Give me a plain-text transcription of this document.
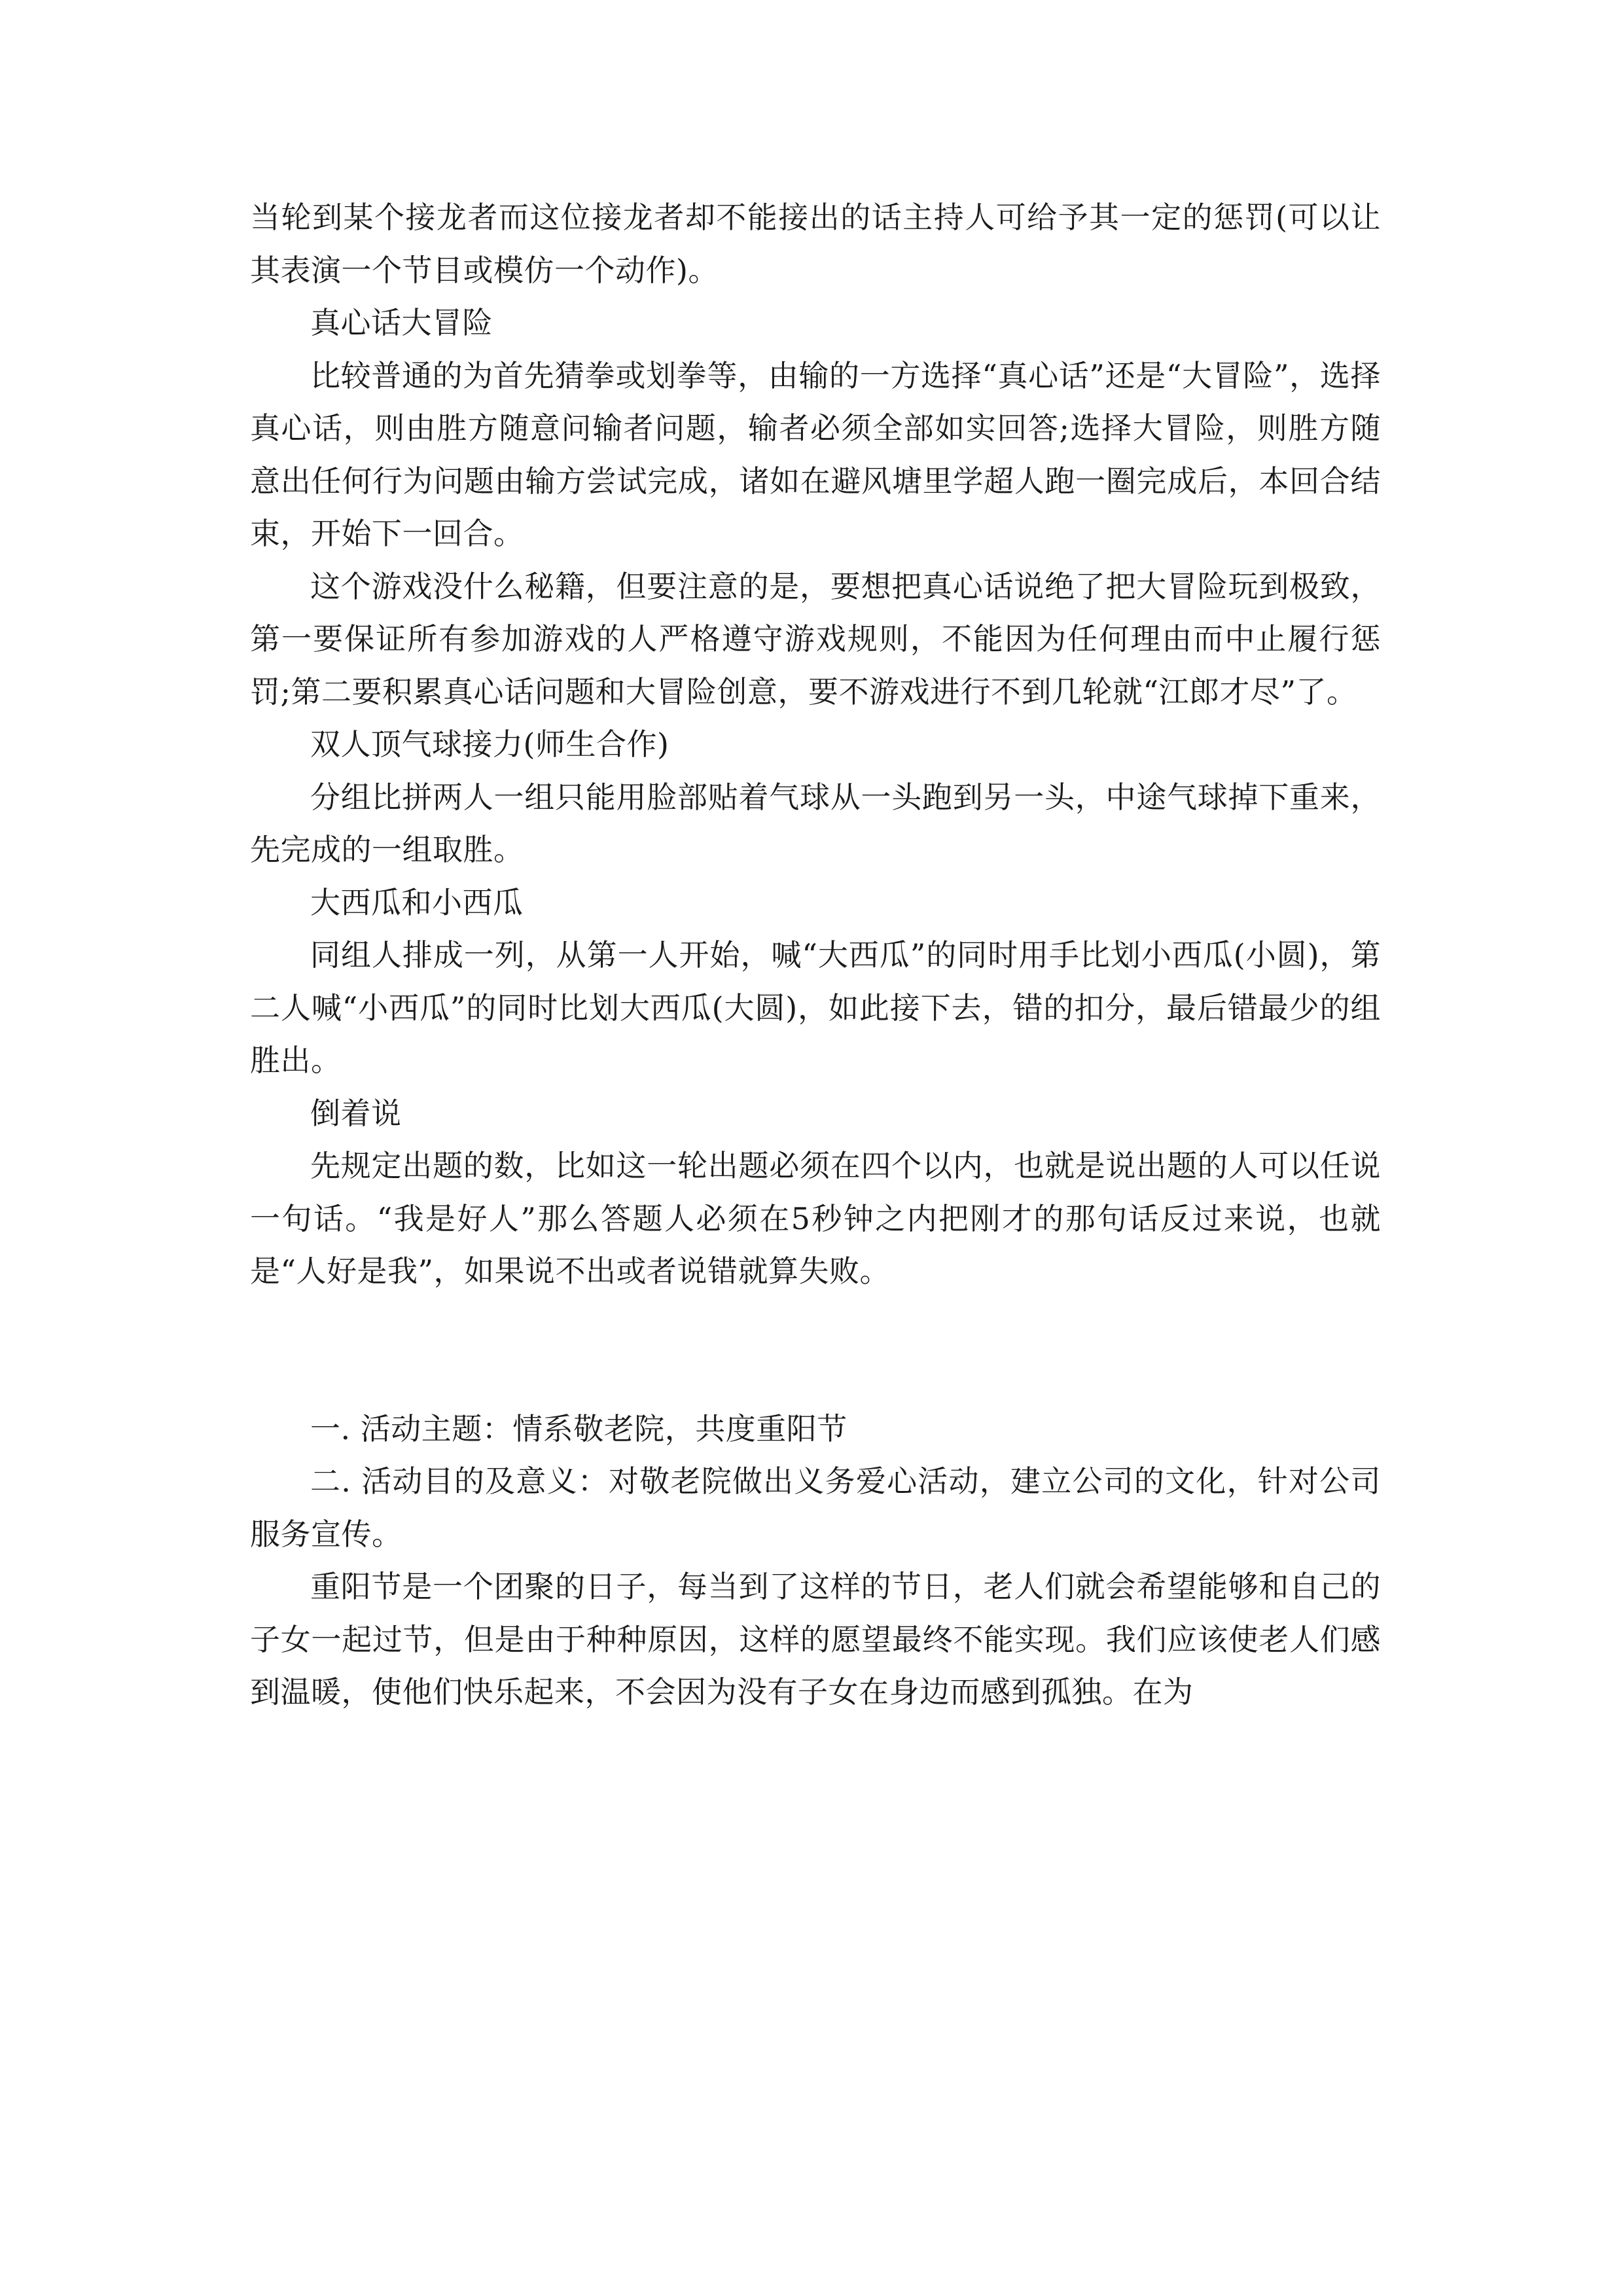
当轮到某个接龙者而这位接龙者却不能接出的话主持人可给予其一定的惩罚(可以让其表演一个节目或模仿一个动作)。

真心话大冒险

比较普通的为首先猜拳或划拳等，由输的一方选择“真心话”还是“大冒险”，选择真心话，则由胜方随意问输者问题，输者必须全部如实回答;选择大冒险，则胜方随意出任何行为问题由输方尝试完成，诸如在避风塘里学超人跑一圈完成后，本回合结束，开始下一回合。

这个游戏没什么秘籍，但要注意的是，要想把真心话说绝了把大冒险玩到极致，第一要保证所有参加游戏的人严格遵守游戏规则，不能因为任何理由而中止履行惩罚;第二要积累真心话问题和大冒险创意，要不游戏进行不到几轮就“江郎才尽”了。

双人顶气球接力(师生合作)

分组比拼两人一组只能用脸部贴着气球从一头跑到另一头，中途气球掉下重来，先完成的一组取胜。

大西瓜和小西瓜

同组人排成一列，从第一人开始，喊“大西瓜”的同时用手比划小西瓜(小圆)，第二人喊“小西瓜”的同时比划大西瓜(大圆)，如此接下去，错的扣分，最后错最少的组胜出。

倒着说

先规定出题的数，比如这一轮出题必须在四个以内，也就是说出题的人可以任说一句话。“我是好人”那么答题人必须在5秒钟之内把刚才的那句话反过来说，也就是“人好是我”，如果说不出或者说错就算失败。

一. 活动主题：情系敬老院，共度重阳节

二. 活动目的及意义：对敬老院做出义务爱心活动，建立公司的文化，针对公司服务宣传。

重阳节是一个团聚的日子，每当到了这样的节日，老人们就会希望能够和自己的子女一起过节，但是由于种种原因，这样的愿望最终不能实现。我们应该使老人们感到温暖，使他们快乐起来，不会因为没有子女在身边而感到孤独。在为
